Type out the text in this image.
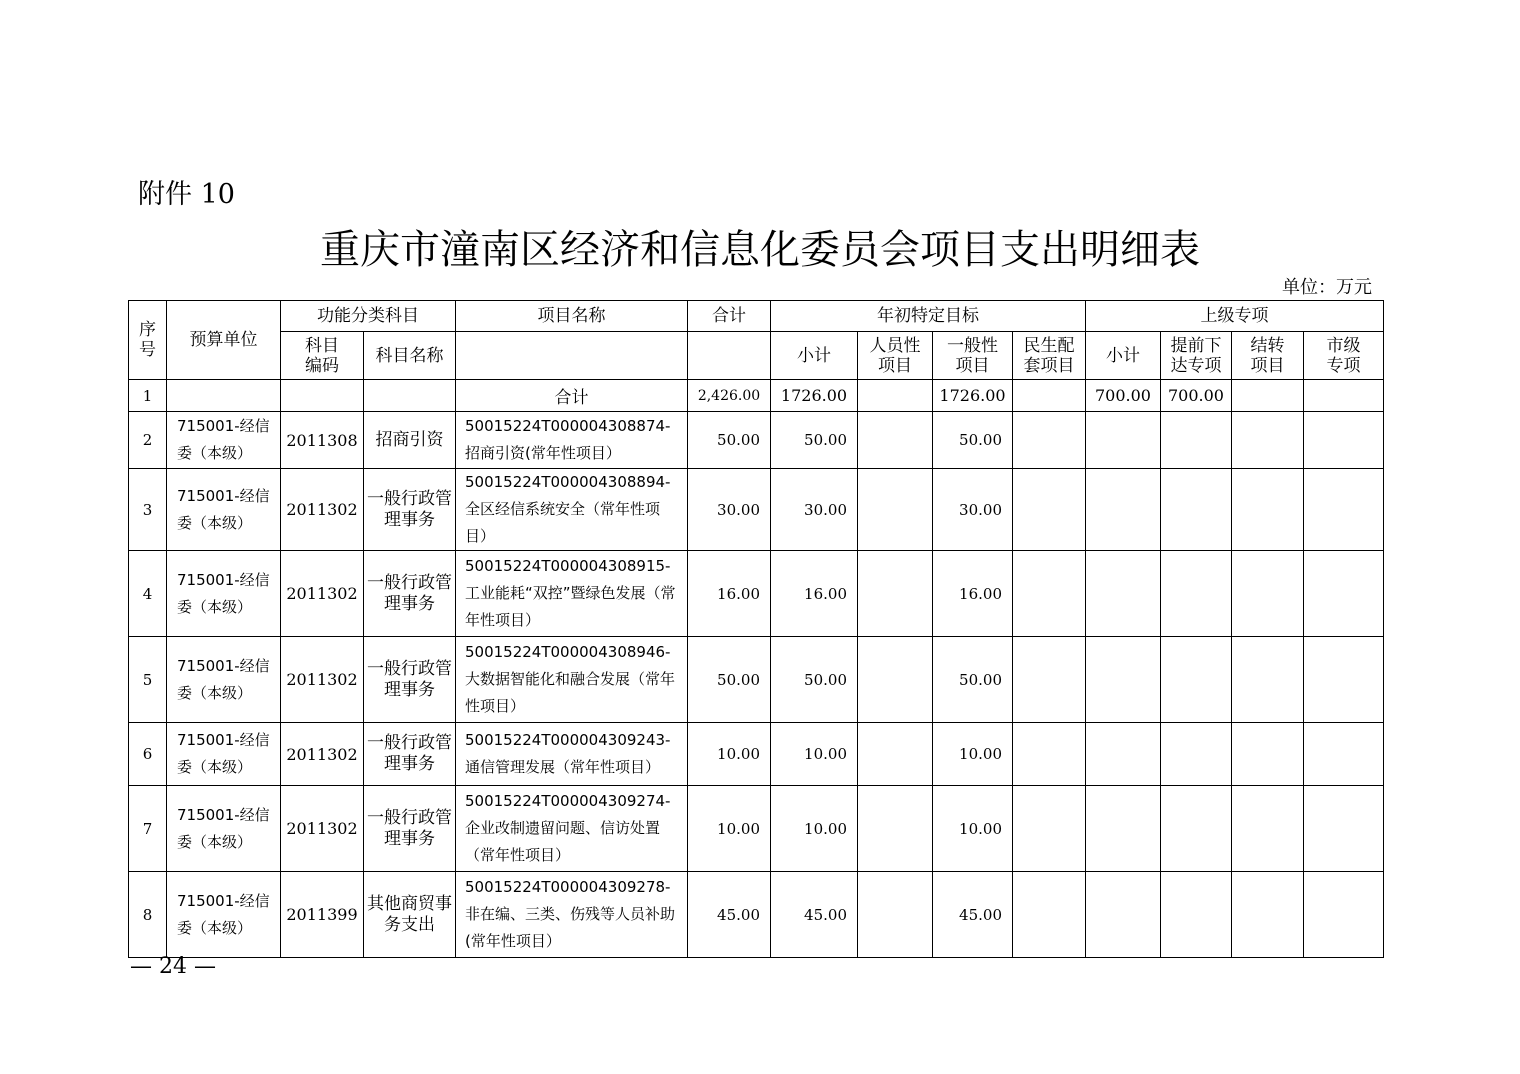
附件 10
重庆市潼南区经济和信息化委员会项目支出明细表
单位：万元
序号	预算单位	功能分类科目		项目名称	合计	年初特定目标				上级专项			
		科目编码	科目名称			小计	人员性项目	一般性项目	民生配套项目	小计	提前下达专项	结转项目	市级专项
1				合计	2,426.00	1726.00		1726.00		700.00	700.00		
2	715001-经信委（本级）	2011308	招商引资	50015224T000004308874-招商引资(常年性项目）	50.00	50.00		50.00					
3	715001-经信委（本级）	2011302	一般行政管理事务	50015224T000004308894-全区经信系统安全（常年性项目）	30.00	30.00		30.00					
4	715001-经信委（本级）	2011302	一般行政管理事务	50015224T000004308915-工业能耗“双控”暨绿色发展（常年性项目）	16.00	16.00		16.00					
5	715001-经信委（本级）	2011302	一般行政管理事务	50015224T000004308946-大数据智能化和融合发展（常年性项目）	50.00	50.00		50.00					
6	715001-经信委（本级）	2011302	一般行政管理事务	50015224T000004309243-通信管理发展（常年性项目）	10.00	10.00		10.00					
7	715001-经信委（本级）	2011302	一般行政管理事务	50015224T000004309274-企业改制遗留问题、信访处置（常年性项目）	10.00	10.00		10.00					
8	715001-经信委（本级）	2011399	其他商贸事务支出	50015224T000004309278-非在编、三类、伤残等人员补助(常年性项目）	45.00	45.00		45.00					
— 24 —
